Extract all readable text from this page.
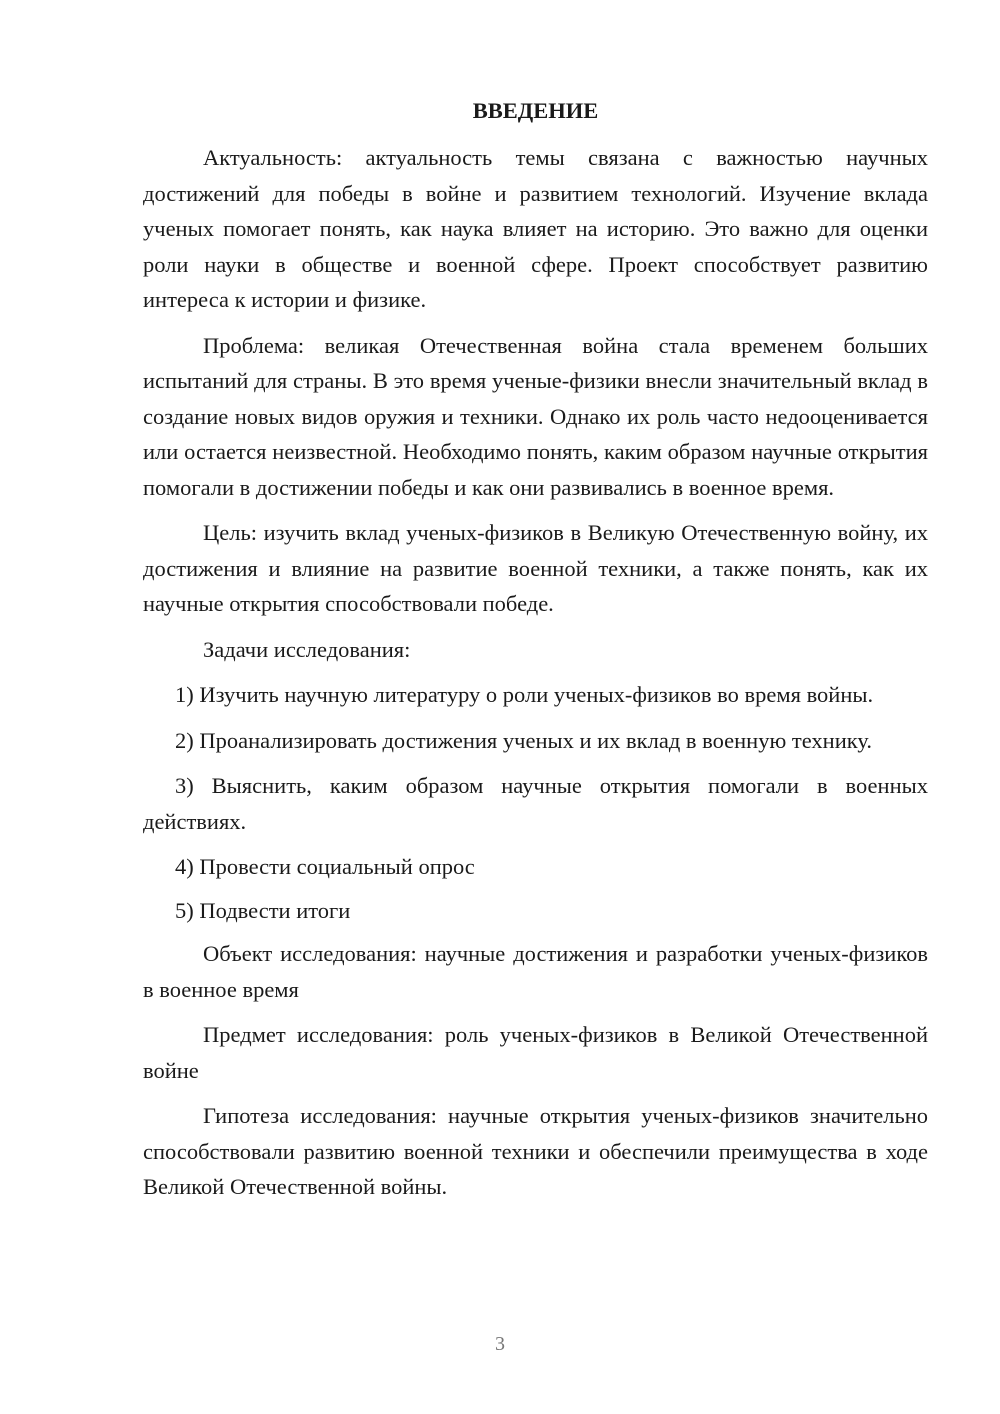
ВВЕДЕНИЕ

Актуальность: актуальность темы связана с важностью научных достижений для победы в войне и развитием технологий. Изучение вклада ученых помогает понять, как наука влияет на историю. Это важно для оценки роли науки в обществе и военной сфере. Проект способствует развитию интереса к истории и физике.

Проблема: великая Отечественная война стала временем больших испытаний для страны. В это время ученые-физики внесли значительный вклад в создание новых видов оружия и техники. Однако их роль часто недооценивается или остается неизвестной. Необходимо понять, каким образом научные открытия помогали в достижении победы и как они развивались в военное время.

Цель: изучить вклад ученых-физиков в Великую Отечественную войну, их достижения и влияние на развитие военной техники, а также понять, как их научные открытия способствовали победе.

Задачи исследования:

1) Изучить научную литературу о роли ученых-физиков во время войны.

2) Проанализировать достижения ученых и их вклад в военную технику.

3) Выяснить, каким образом научные открытия помогали в военных действиях.

4) Провести социальный опрос

5) Подвести итоги

Объект исследования: научные достижения и разработки ученых-физиков в военное время

Предмет исследования: роль ученых-физиков в Великой Отечественной войне

Гипотеза исследования: научные открытия ученых-физиков значительно способствовали развитию военной техники и обеспечили преимущества в ходе Великой Отечественной войны.

3
